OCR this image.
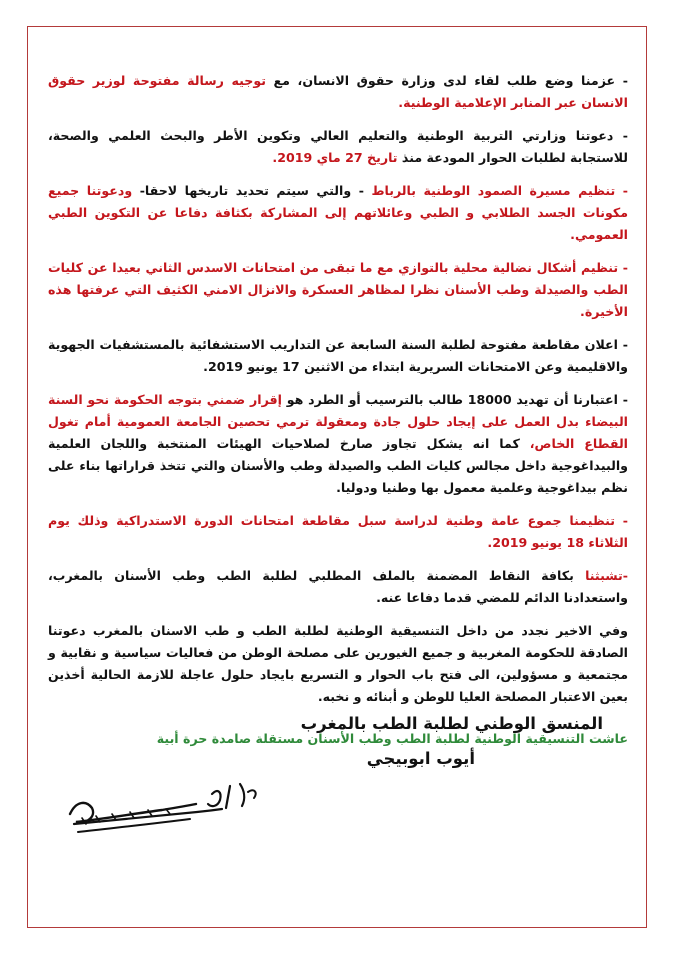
- عزمنا وضع طلب لقاء لدى وزارة حقوق الانسان، مع توجيه رسالة مفتوحة لوزير حقوق الانسان عبر المنابر الإعلامية الوطنية.

- دعوتنا وزارتي التربية الوطنية والتعليم العالي وتكوين الأطر والبحث العلمي والصحة، للاستجابة لطلبات الحوار المودعة منذ تاريخ 27 ماي 2019.

- تنظيم مسيرة الصمود الوطنية بالرباط - والتي سيتم تحديد تاريخها لاحقا- ودعوتنا جميع مكونات الجسد الطلابي و الطبي وعائلاتهم إلى المشاركة بكثافة دفاعا عن التكوين الطبي العمومي.

- تنظيم أشكال نضالية محلية بالتوازي مع ما تبقى من امتحانات الاسدس الثاني بعيدا عن كليات الطب والصيدلة وطب الأسنان نظرا لمظاهر العسكرة والانزال الامني الكثيف التي عرفتها هذه الأخيرة.

- اعلان مقاطعة مفتوحة لطلبة السنة السابعة عن التداريب الاستشفائية بالمستشفيات الجهوية والاقليمية وعن الامتحانات السريرية ابتداء من الاثنين 17 يونيو 2019.

- اعتبارنا أن تهديد 18000 طالب بالترسيب أو الطرد هو إقرار ضمني بتوجه الحكومة نحو السنة البيضاء بدل العمل على إيجاد حلول جادة ومعقولة ترمي تحصين الجامعة العمومية أمام تغول القطاع الخاص، كما انه يشكل تجاوز صارخ لصلاحيات الهيئات المنتخبة واللجان العلمية والبيداغوجية داخل مجالس كليات الطب والصيدلة وطب والأسنان والتي تتخذ قراراتها بناء على نظم بيداغوجية وعلمية معمول بها وطنيا ودوليا.

- تنظيمنا جموع عامة وطنية لدراسة سبل مقاطعة امتحانات الدورة الاستدراكية وذلك يوم الثلاثاء 18 يونيو 2019.

-تشبثنا بكافة النقاط المضمنة بالملف المطلبي لطلبة الطب وطب الأسنان بالمغرب، واستعدادنا الدائم للمضي قدما دفاعا عنه.

وفي الاخير نجدد من داخل التنسيقية الوطنية لطلبة الطب و طب الاسنان بالمغرب دعوتنا الصادقة للحكومة المغربية و جميع الغيورين على مصلحة الوطن من فعاليات سياسية و نقابية و مجتمعية و مسؤولين، الى فتح باب الحوار و التسريع بايجاد حلول عاجلة للازمة الحالية أخذين بعين الاعتبار المصلحة العليا للوطن و أبنائه و نخبه.

عاشت التنسيقية الوطنية لطلبة الطب وطب الأسنان مستقلة صامدة حرة أبية

المنسق الوطني لطلبة الطب بالمغرب
أيوب ابوبيجي
